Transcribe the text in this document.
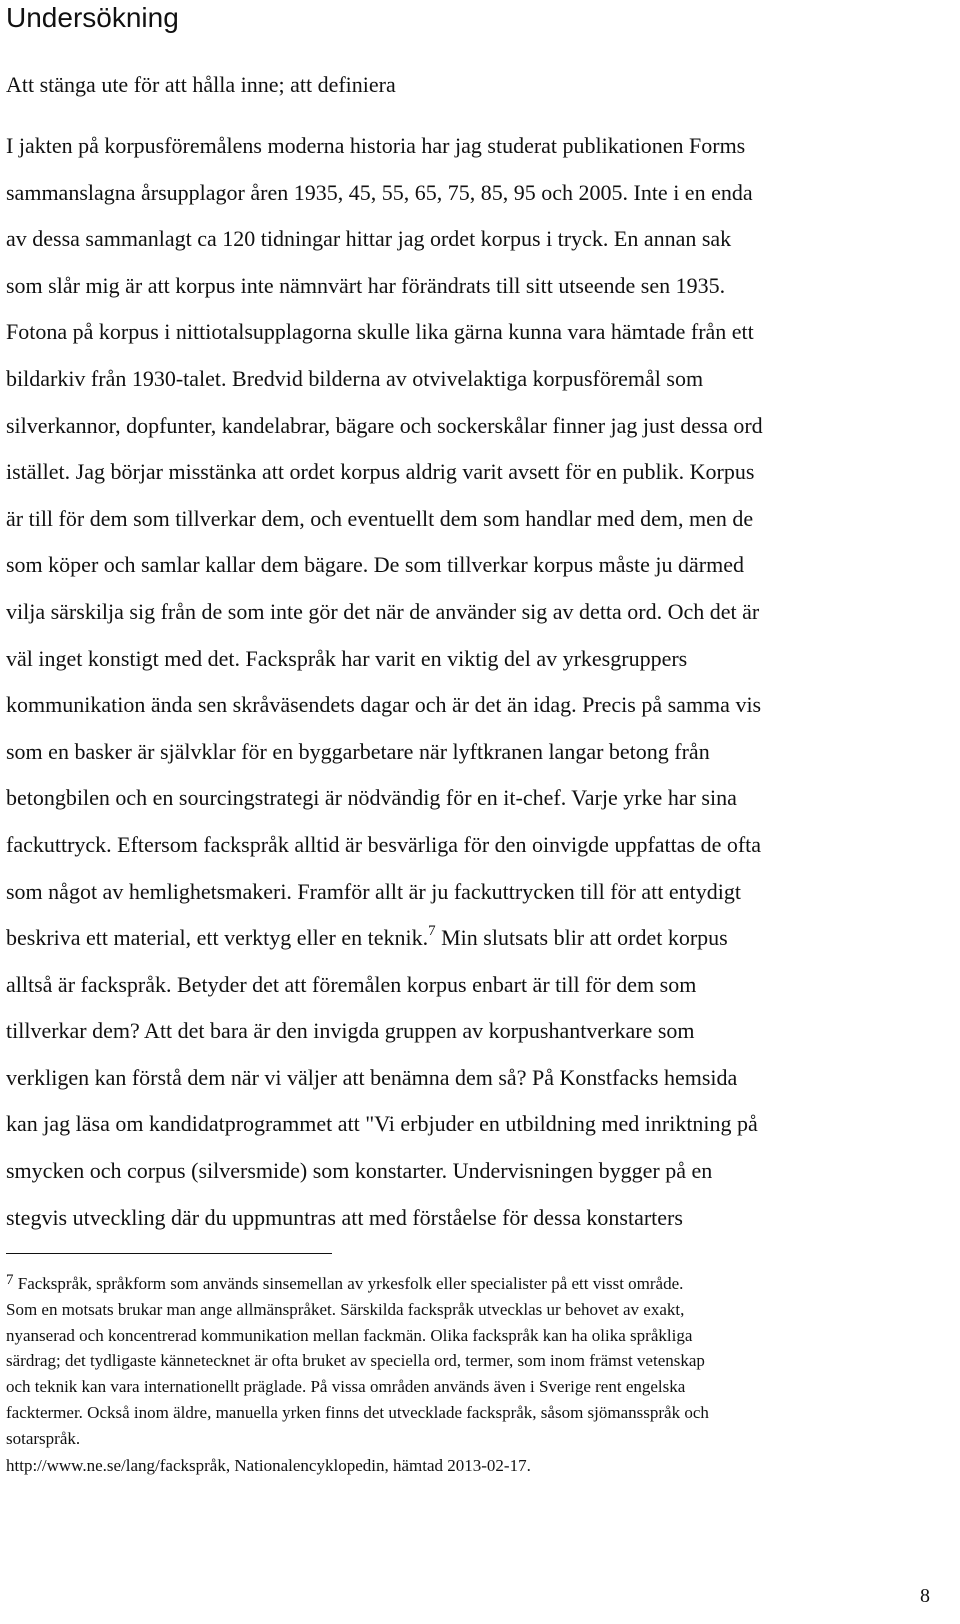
Undersökning
Att stänga ute för att hålla inne; att definiera
I jakten på korpusföremålens moderna historia har jag studerat publikationen Forms
sammanslagna årsupplagor åren 1935, 45, 55, 65, 75, 85, 95 och 2005. Inte i en enda
av dessa sammanlagt ca 120 tidningar hittar jag ordet korpus i tryck. En annan sak
som slår mig är att korpus inte nämnvärt har förändrats till sitt utseende sen 1935.
Fotona på korpus i nittiotalsupplagorna skulle lika gärna kunna vara hämtade från ett
bildarkiv från 1930-talet. Bredvid bilderna av otvivelaktiga korpusföremål som
silverkannor, dopfunter, kandelabrar, bägare och sockerskålar finner jag just dessa ord
istället. Jag börjar misstänka att ordet korpus aldrig varit avsett för en publik. Korpus
är till för dem som tillverkar dem, och eventuellt dem som handlar med dem, men de
som köper och samlar kallar dem bägare. De som tillverkar korpus måste ju därmed
vilja särskilja sig från de som inte gör det när de använder sig av detta ord. Och det är
väl inget konstigt med det. Fackspråk har varit en viktig del av yrkesgruppers
kommunikation ända sen skråväsendets dagar och är det än idag. Precis på samma vis
som en basker är självklar för en byggarbetare när lyftkranen langar betong från
betongbilen och en sourcingstrategi är nödvändig för en it-chef. Varje yrke har sina
fackuttryck. Eftersom fackspråk alltid är besvärliga för den oinvigde uppfattas de ofta
som något av hemlighetsmakeri. Framför allt är ju fackuttrycken till för att entydigt
beskriva ett material, ett verktyg eller en teknik.$^7$ Min slutsats blir att ordet korpus
alltså är fackspråk. Betyder det att föremålen korpus enbart är till för dem som
tillverkar dem? Att det bara är den invigda gruppen av korpushantverkare som
verkligen kan förstå dem när vi väljer att benämna dem så? På Konstfacks hemsida
kan jag läsa om kandidatprogrammet att "Vi erbjuder en utbildning med inriktning på
smycken och corpus (silversmide) som konstarter. Undervisningen bygger på en
stegvis utveckling där du uppmuntras att med förståelse för dessa konstarters
7 Fackspråk, språkform som används sinsemellan av yrkesfolk eller specialister på ett visst område.
Som en motsats brukar man ange allmänspråket. Särskilda fackspråk utvecklas ur behovet av exakt,
nyanserad och koncentrerad kommunikation mellan fackmän. Olika fackspråk kan ha olika språkliga
särdrag; det tydligaste kännetecknet är ofta bruket av speciella ord, termer, som inom främst vetenskap
och teknik kan vara internationellt präglade. På vissa områden används även i Sverige rent engelska
facktermer. Också inom äldre, manuella yrken finns det utvecklade fackspråk, såsom sjömansspråk och
sotarspråk.
http://www.ne.se/lang/fackspråk, Nationalencyklopedin, hämtad 2013-02-17.
8
